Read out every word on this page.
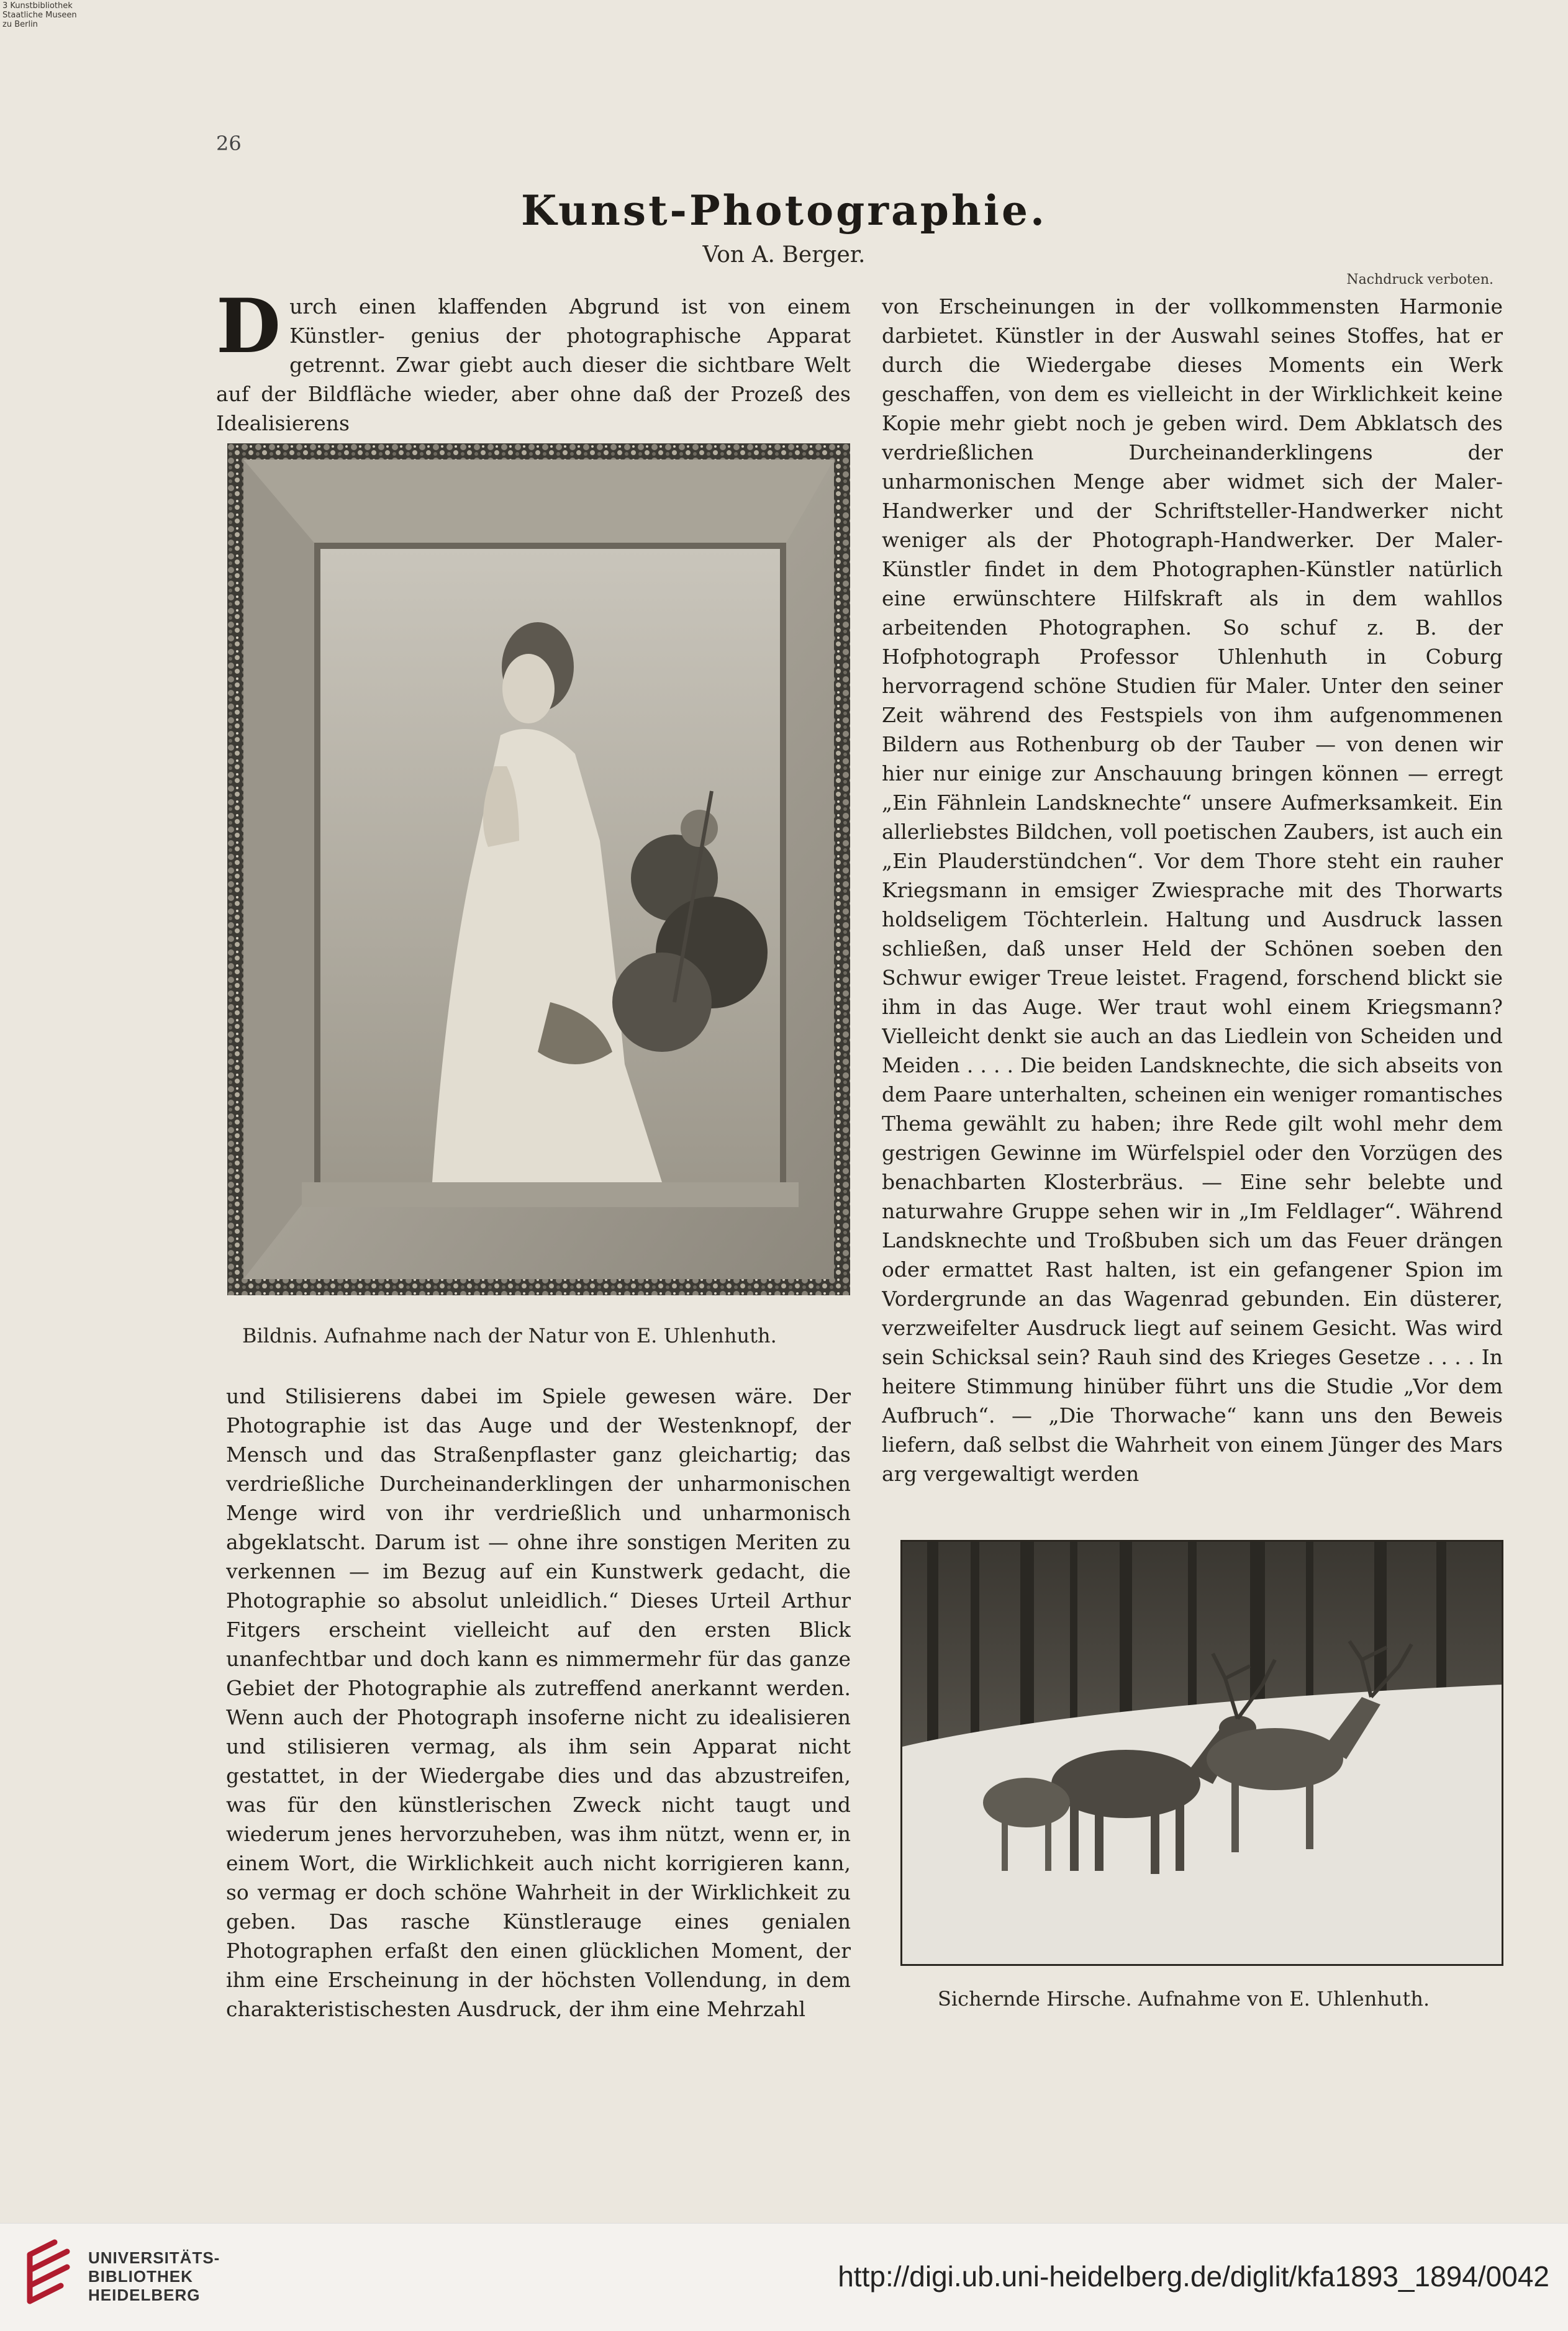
3 Kunstbibliothek
Staatliche Museen
zu Berlin
26
Kunst-Photographie.
Von A. Berger.
Nachdruck verboten.

Durch einen klaffenden Abgrund ist von einem Künstler- genius der photographische Apparat getrennt. Zwar giebt auch dieser die sichtbare Welt auf der Bildfläche wieder, aber ohne daß der Prozeß des Idealisierens

Bildnis. Aufnahme nach der Natur von E. Uhlenhuth.

und Stilisierens dabei im Spiele gewesen wäre. Der Photographie ist das Auge und der Westenknopf, der Mensch und das Straßenpflaster ganz gleichartig; das verdrießliche Durcheinanderklingen der unharmonischen Menge wird von ihr verdrießlich und unharmonisch abgeklatscht. Darum ist — ohne ihre sonstigen Meriten zu verkennen — im Bezug auf ein Kunstwerk gedacht, die Photographie so absolut unleidlich.“ Dieses Urteil Arthur Fitgers erscheint vielleicht auf den ersten Blick unanfechtbar und doch kann es nimmermehr für das ganze Gebiet der Photographie als zutreffend anerkannt werden. Wenn auch der Photograph insoferne nicht zu idealisieren und stilisieren vermag, als ihm sein Apparat nicht gestattet, in der Wiedergabe dies und das abzustreifen, was für den künstlerischen Zweck nicht taugt und wiederum jenes hervorzuheben, was ihm nützt, wenn er, in einem Wort, die Wirklichkeit auch nicht korrigieren kann, so vermag er doch schöne Wahrheit in der Wirklichkeit zu geben. Das rasche Künstlerauge eines genialen Photographen erfaßt den einen glücklichen Moment, der ihm eine Erscheinung in der höchsten Vollendung, in dem charakteristischesten Ausdruck, der ihm eine Mehrzahl

von Erscheinungen in der vollkommensten Harmonie darbietet. Künstler in der Auswahl seines Stoffes, hat er durch die Wiedergabe dieses Moments ein Werk geschaffen, von dem es vielleicht in der Wirklichkeit keine Kopie mehr giebt noch je geben wird. Dem Abklatsch des verdrießlichen Durcheinanderklingens der unharmonischen Menge aber widmet sich der Maler-Handwerker und der Schriftsteller-Handwerker nicht weniger als der Photograph-Handwerker. Der Maler-Künstler findet in dem Photographen-Künstler natürlich eine erwünschtere Hilfskraft als in dem wahllos arbeitenden Photographen. So schuf z. B. der Hofphotograph Professor Uhlenhuth in Coburg hervorragend schöne Studien für Maler. Unter den seiner Zeit während des Festspiels von ihm aufgenommenen Bildern aus Rothenburg ob der Tauber — von denen wir hier nur einige zur Anschauung bringen können — erregt „Ein Fähnlein Landsknechte“ unsere Aufmerksamkeit. Ein allerliebstes Bildchen, voll poetischen Zaubers, ist auch ein „Ein Plauderstündchen“. Vor dem Thore steht ein rauher Kriegsmann in emsiger Zwiesprache mit des Thorwarts holdseligem Töchterlein. Haltung und Ausdruck lassen schließen, daß unser Held der Schönen soeben den Schwur ewiger Treue leistet. Fragend, forschend blickt sie ihm in das Auge. Wer traut wohl einem Kriegsmann? Vielleicht denkt sie auch an das Liedlein von Scheiden und Meiden . . . . Die beiden Landsknechte, die sich abseits von dem Paare unterhalten, scheinen ein weniger romantisches Thema gewählt zu haben; ihre Rede gilt wohl mehr dem gestrigen Gewinne im Würfelspiel oder den Vorzügen des benachbarten Klosterbräus. — Eine sehr belebte und naturwahre Gruppe sehen wir in „Im Feldlager“. Während Landsknechte und Troßbuben sich um das Feuer drängen oder ermattet Rast halten, ist ein gefangener Spion im Vordergrunde an das Wagenrad gebunden. Ein düsterer, verzweifelter Ausdruck liegt auf seinem Gesicht. Was wird sein Schicksal sein? Rauh sind des Krieges Gesetze . . . . In heitere Stimmung hinüber führt uns die Studie „Vor dem Aufbruch“. — „Die Thorwache“ kann uns den Beweis liefern, daß selbst die Wahrheit von einem Jünger des Mars arg vergewaltigt werden

Sichernde Hirsche. Aufnahme von E. Uhlenhuth.
UNIVERSITÄTS-
BIBLIOTHEK
HEIDELBERG
http://digi.ub.uni-heidelberg.de/diglit/kfa1893_1894/0042
